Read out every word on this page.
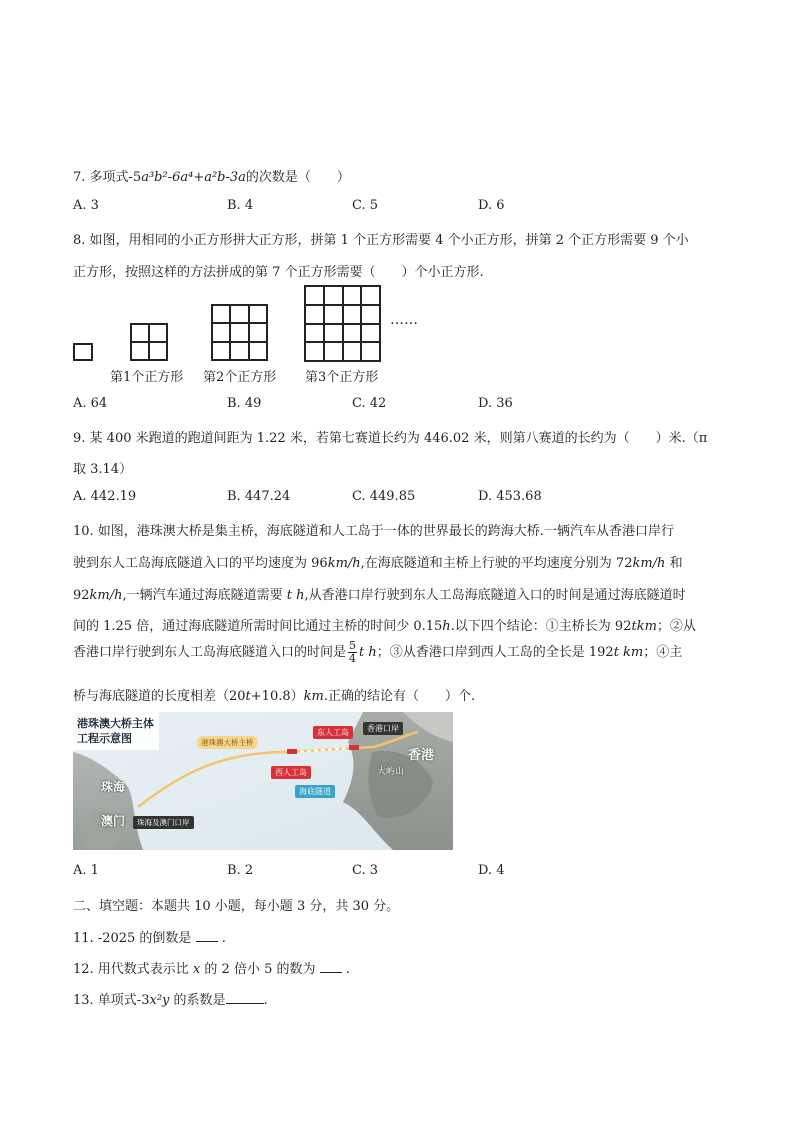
7. 多项式-5a³b²-6a⁴+a²b-3a的次数是（　　）
A. 3	B. 4	C. 5	D. 6
8. 如图，用相同的小正方形拼大正方形，拼第 1 个正方形需要 4 个小正方形，拼第 2 个正方形需要 9 个小
正方形，按照这样的方法拼成的第 7 个正方形需要（　　）个小正方形.
……
第1个正方形 第2个正方形 第3个正方形
A. 64	B. 49	C. 42	D. 36
9. 某 400 米跑道的跑道间距为 1.22 米，若第七赛道长约为 446.02 米，则第八赛道的长约为（　　）米.（π
取 3.14）
A. 442.19	B. 447.24	C. 449.85	D. 453.68
10. 如图，港珠澳大桥是集主桥，海底隧道和人工岛于一体的世界最长的跨海大桥.一辆汽车从香港口岸行
驶到东人工岛海底隧道入口的平均速度为 96km/h,在海底隧道和主桥上行驶的平均速度分别为 72km/h 和
92km/h,一辆汽车通过海底隧道需要 t h,从香港口岸行驶到东人工岛海底隧道入口的时间是通过海底隧道时
间的 1.25 倍，通过海底隧道所需时间比通过主桥的时间少 0.15h.以下四个结论：①主桥长为 92tkm；②从
香港口岸行驶到东人工岛海底隧道入口的时间是 $\frac{5}{4}$ t h；③从香港口岸到西人工岛的全长是 192t km；④主
桥与海底隧道的长度相差（20t+10.8）km.正确的结论有（　　）个.
港珠澳大桥主体
工程示意图	港珠澳大桥主桥
东人工岛	香港口岸
香港
西人工岛	大屿山
珠海	海底隧道
澳门	珠海及澳门口岸
A. 1	B. 2	C. 3	D. 4
二、填空题：本题共 10 小题，每小题 3 分，共 30 分。
11. -2025 的倒数是 .
12. 用代数式表示比 x 的 2 倍小 5 的数为 .
13. 单项式-3x²y 的系数是	.
